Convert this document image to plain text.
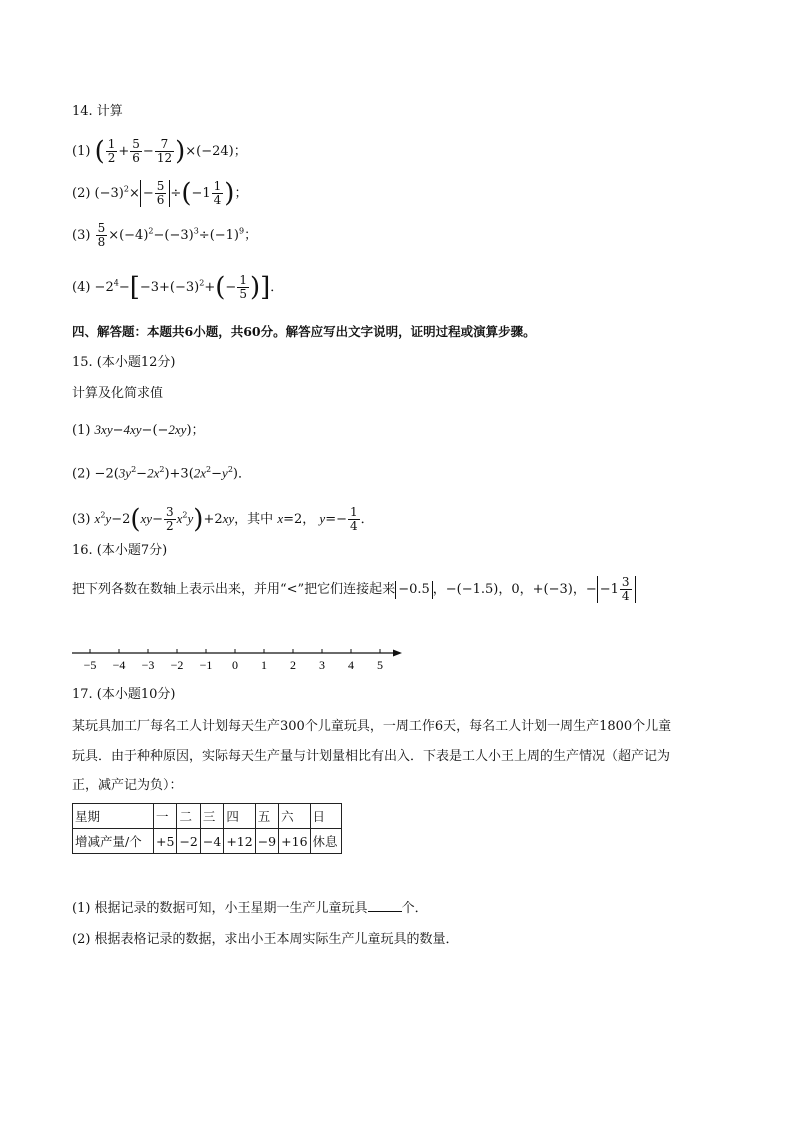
14. 计算
(1) ( $\frac{1}{2} + \frac{5}{6} - \frac{7}{12} )\times(-24)$；
(2) $(-3)^2\times - \frac{5}{6} \div(-1 \frac{1}{4}$ )；
$(3) \frac{5}{8} \times(-4)^2-(-3)^3\div(-1)^9$；
$(4) -2^4-[-3+(-3)^2+(- \frac{1}{5}$ )]．
四、解答题：本题共6小题，共60分。解答应写出文字说明，证明过程或演算步骤。
15. (本小题12分)
计算及化简求值
(1) 3xy−4xy−(−2xy)；
$(2) -2(3y^2-2x^2)+3(2x^2-y^2)$．
(3) $x^2y-2(xy- \frac{3}{2} x^2y)+2xy$，其中 x=2， $y=- \frac{1}{4}$ ．
16. (本小题7分)
把下列各数在数轴上表示出来，并用“<”把它们连接起来 −0.5 ，−(−1.5)，0，+(−3)，− $-1 \frac{3}{4}$
−5 −4 −3 −2 −1 0 1 2 3 4 5
17. (本小题10分)
某玩具加工厂每名工人计划每天生产300个儿童玩具，一周工作6天，每名工人计划一周生产1800个儿童
玩具．由于种种原因，实际每天生产量与计划量相比有出入．下表是工人小王上周的生产情况（超产记为
正，减产记为负）：
星期	一	二	三	四	五	六	日
增减产量/个	+5	−2	−4	+12	−9	+16	休息
(1) 根据记录的数据可知，小王星期一生产儿童玩具	个．
(2) 根据表格记录的数据，求出小王本周实际生产儿童玩具的数量．
